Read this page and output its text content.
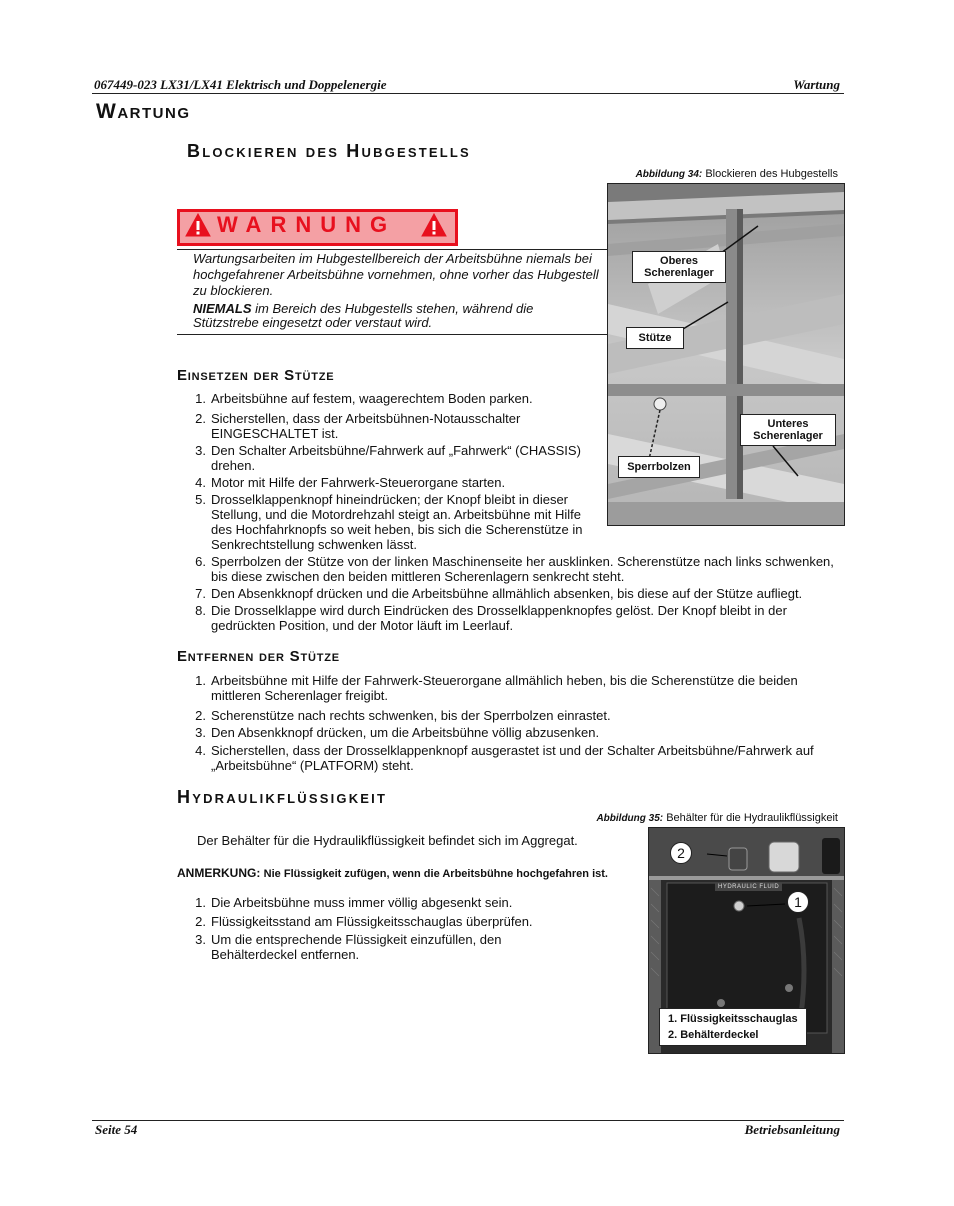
067449-023 LX31/LX41 Elektrisch und Doppelenergie	Wartung
Wartung
Blockieren des Hubgestells
Abbildung 34: Blockieren des Hubgestells
WARNUNG
Wartungsarbeiten im Hubgestellbereich der Arbeitsbühne niemals bei hochgefahrener Arbeitsbühne vornehmen, ohne vorher das Hubgestell zu blockieren.
NIEMALS im Bereich des Hubgestells stehen, während die Stützstrebe eingesetzt oder verstaut wird.
Oberes Scherenlager
Stütze
Unteres Scherenlager
Sperrbolzen
Einsetzen der Stütze
1. Arbeitsbühne auf festem, waagerechtem Boden parken.
2. Sicherstellen, dass der Arbeitsbühnen-Notausschalter EINGESCHALTET ist.
3. Den Schalter Arbeitsbühne/Fahrwerk auf „Fahrwerk“ (CHASSIS) drehen.
4. Motor mit Hilfe der Fahrwerk-Steuerorgane starten.
5. Drosselklappenknopf hineindrücken; der Knopf bleibt in dieser Stellung, und die Motordrehzahl steigt an. Arbeitsbühne mit Hilfe des Hochfahrknopfs so weit heben, bis sich die Scherenstütze in Senkrechtstellung schwenken lässt.
6. Sperrbolzen der Stütze von der linken Maschinenseite her ausklinken. Scherenstütze nach links schwenken, bis diese zwischen den beiden mittleren Scherenlagern senkrecht steht.
7. Den Absenkknopf drücken und die Arbeitsbühne allmählich absenken, bis diese auf der Stütze aufliegt.
8. Die Drosselklappe wird durch Eindrücken des Drosselklappenknopfes gelöst. Der Knopf bleibt in der gedrückten Position, und der Motor läuft im Leerlauf.
Entfernen der Stütze
1. Arbeitsbühne mit Hilfe der Fahrwerk-Steuerorgane allmählich heben, bis die Scherenstütze die beiden mittleren Scherenlager freigibt.
2. Scherenstütze nach rechts schwenken, bis der Sperrbolzen einrastet.
3. Den Absenkknopf drücken, um die Arbeitsbühne völlig abzusenken.
4. Sicherstellen, dass der Drosselklappenknopf ausgerastet ist und der Schalter Arbeitsbühne/Fahrwerk auf „Arbeitsbühne“ (PLATFORM) steht.
Hydraulikflüssigkeit
Abbildung 35: Behälter für die Hydraulikflüssigkeit
Der Behälter für die Hydraulikflüssigkeit befindet sich im Aggregat.
ANMERKUNG: Nie Flüssigkeit zufügen, wenn die Arbeitsbühne hochgefahren ist.
1. Die Arbeitsbühne muss immer völlig abgesenkt sein.
2. Flüssigkeitsstand am Flüssigkeitsschauglas überprüfen.
3. Um die entsprechende Flüssigkeit einzufüllen, den Behälterdeckel entfernen.
HYDRAULIC FLUID
2
1
1. Flüssigkeitsschauglas
2. Behälterdeckel
Seite 54	Betriebsanleitung
